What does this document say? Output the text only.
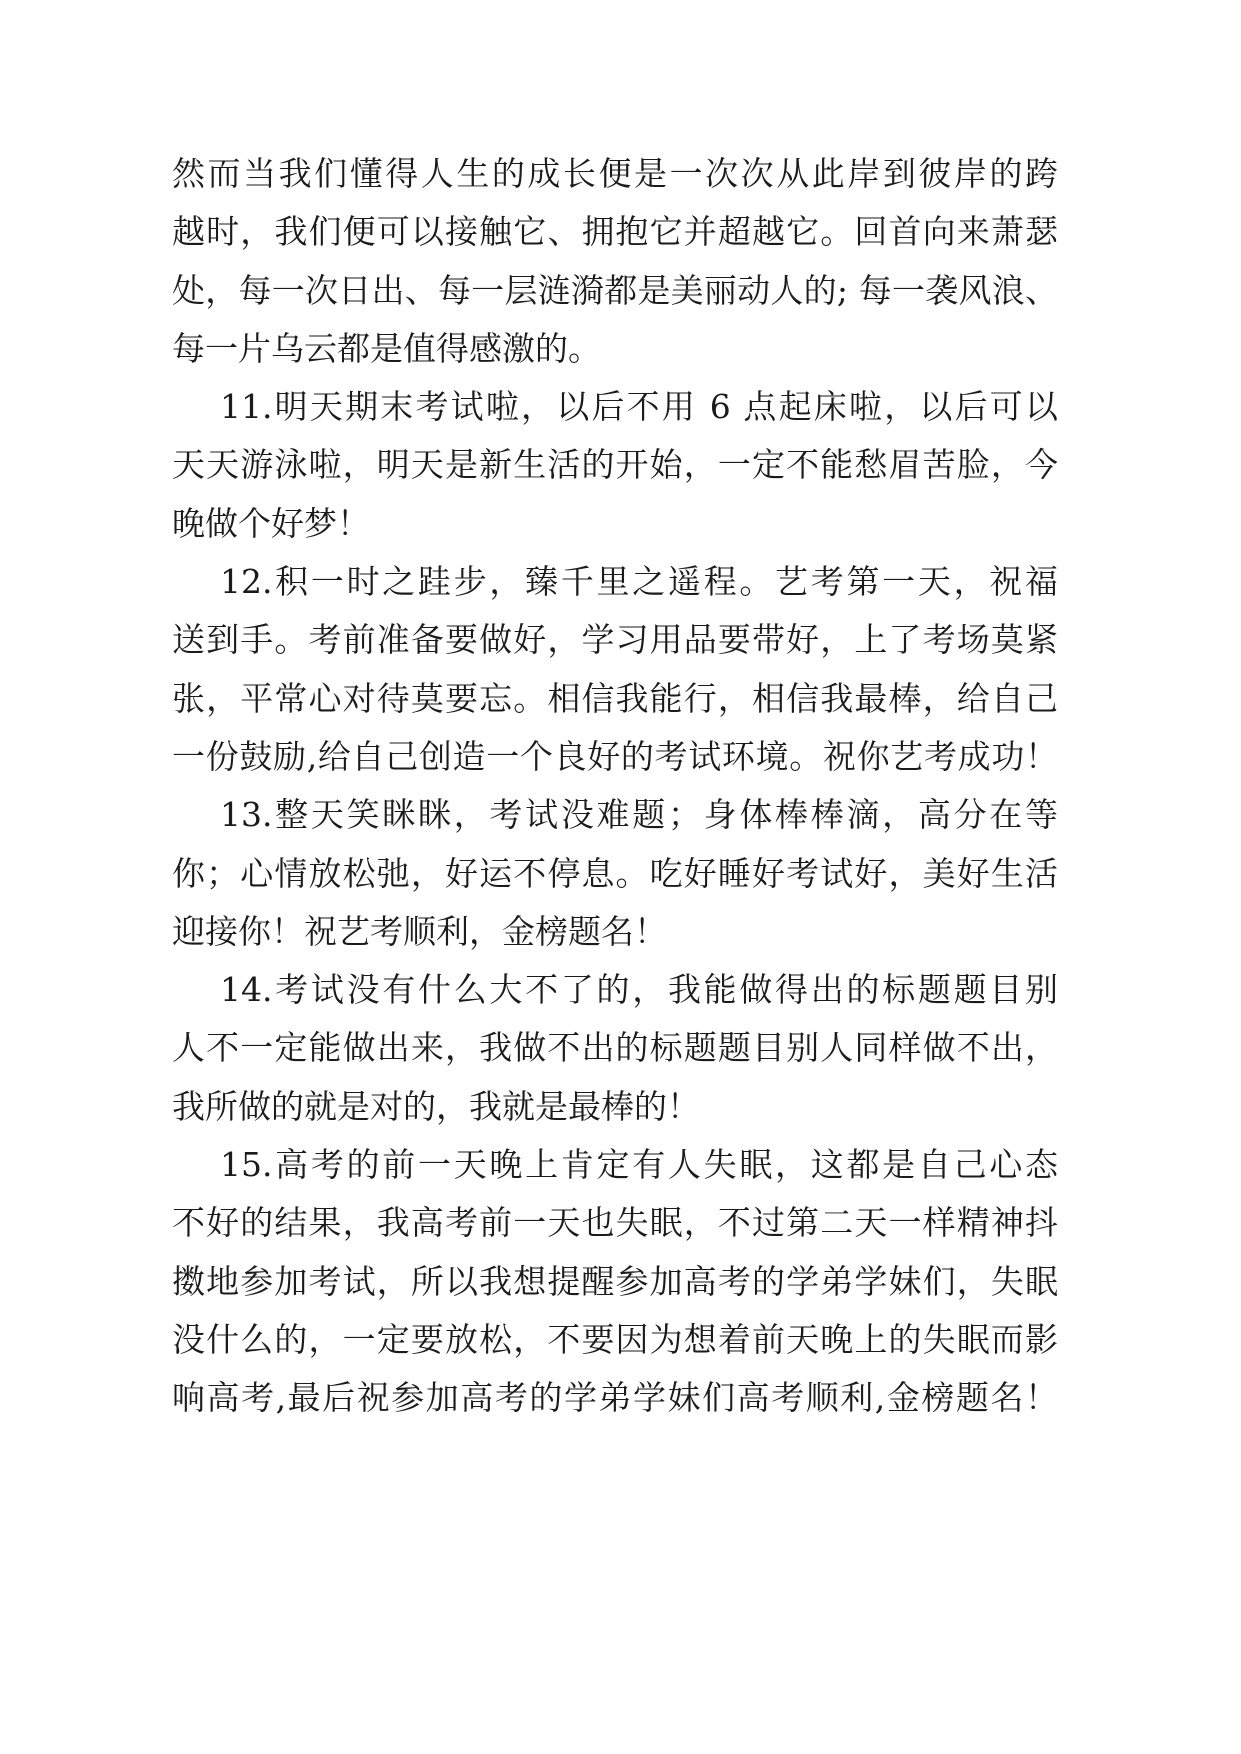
然而当我们懂得人生的成长便是一次次从此岸到彼岸的跨
越时，我们便可以接触它、拥抱它并超越它。回首向来萧瑟
处，每一次日出、每一层涟漪都是美丽动人的; 每一袭风浪、
每一片乌云都是值得感激的。

11.明天期末考试啦，以后不用 6 点起床啦，以后可以
天天游泳啦，明天是新生活的开始，一定不能愁眉苦脸，今
晚做个好梦！

12.积一时之跬步，臻千里之遥程。艺考第一天，祝福
送到手。考前准备要做好，学习用品要带好，上了考场莫紧
张，平常心对待莫要忘。相信我能行，相信我最棒，给自己
一份鼓励,给自己创造一个良好的考试环境。祝你艺考成功！

13.整天笑眯眯，考试没难题；身体棒棒滴，高分在等
你；心情放松弛，好运不停息。吃好睡好考试好，美好生活
迎接你！祝艺考顺利，金榜题名！

14.考试没有什么大不了的，我能做得出的标题题目别
人不一定能做出来，我做不出的标题题目别人同样做不出，
我所做的就是对的，我就是最棒的！

15.高考的前一天晚上肯定有人失眠，这都是自己心态
不好的结果，我高考前一天也失眠，不过第二天一样精神抖
擞地参加考试，所以我想提醒参加高考的学弟学妹们，失眠
没什么的，一定要放松，不要因为想着前天晚上的失眠而影
响高考,最后祝参加高考的学弟学妹们高考顺利,金榜题名！
